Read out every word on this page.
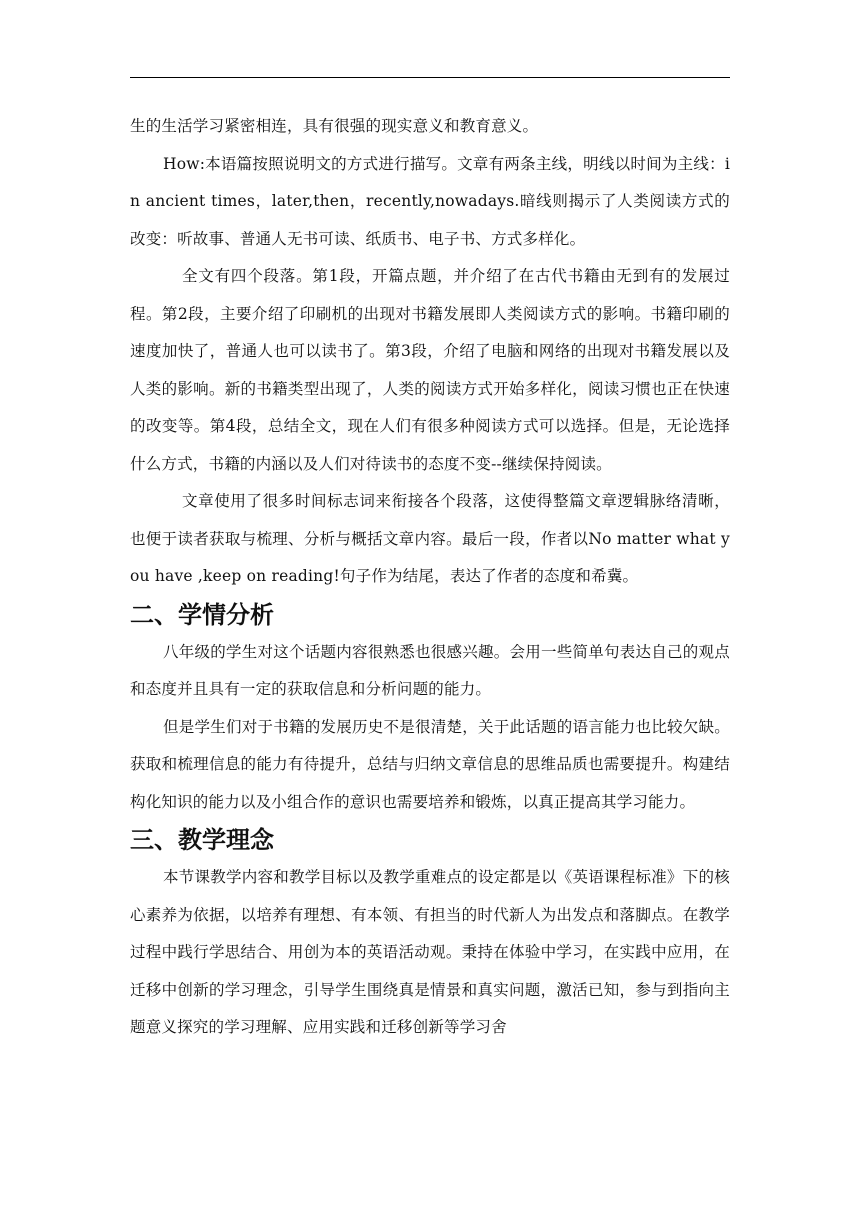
生的生活学习紧密相连，具有很强的现实意义和教育意义。

How:本语篇按照说明文的方式进行描写。文章有两条主线，明线以时间为主线：in ancient times，later,then，recently,nowadays.暗线则揭示了人类阅读方式的改变：听故事、普通人无书可读、纸质书、电子书、方式多样化。

全文有四个段落。第1段，开篇点题，并介绍了在古代书籍由无到有的发展过程。第2段，主要介绍了印刷机的出现对书籍发展即人类阅读方式的影响。书籍印刷的速度加快了，普通人也可以读书了。第3段，介绍了电脑和网络的出现对书籍发展以及人类的影响。新的书籍类型出现了，人类的阅读方式开始多样化，阅读习惯也正在快速的改变等。第4段，总结全文，现在人们有很多种阅读方式可以选择。但是，无论选择什么方式，书籍的内涵以及人们对待读书的态度不变--继续保持阅读。

文章使用了很多时间标志词来衔接各个段落，这使得整篇文章逻辑脉络清晰，也便于读者获取与梳理、分析与概括文章内容。最后一段，作者以No matter what you have ,keep on reading!句子作为结尾，表达了作者的态度和希冀。

二、学情分析

八年级的学生对这个话题内容很熟悉也很感兴趣。会用一些简单句表达自己的观点和态度并且具有一定的获取信息和分析问题的能力。

但是学生们对于书籍的发展历史不是很清楚，关于此话题的语言能力也比较欠缺。获取和梳理信息的能力有待提升，总结与归纳文章信息的思维品质也需要提升。构建结构化知识的能力以及小组合作的意识也需要培养和锻炼，以真正提高其学习能力。

三、教学理念

本节课教学内容和教学目标以及教学重难点的设定都是以《英语课程标准》下的核心素养为依据，以培养有理想、有本领、有担当的时代新人为出发点和落脚点。在教学过程中践行学思结合、用创为本的英语活动观。秉持在体验中学习，在实践中应用，在迁移中创新的学习理念，引导学生围绕真是情景和真实问题，激活已知，参与到指向主题意义探究的学习理解、应用实践和迁移创新等学习舍
